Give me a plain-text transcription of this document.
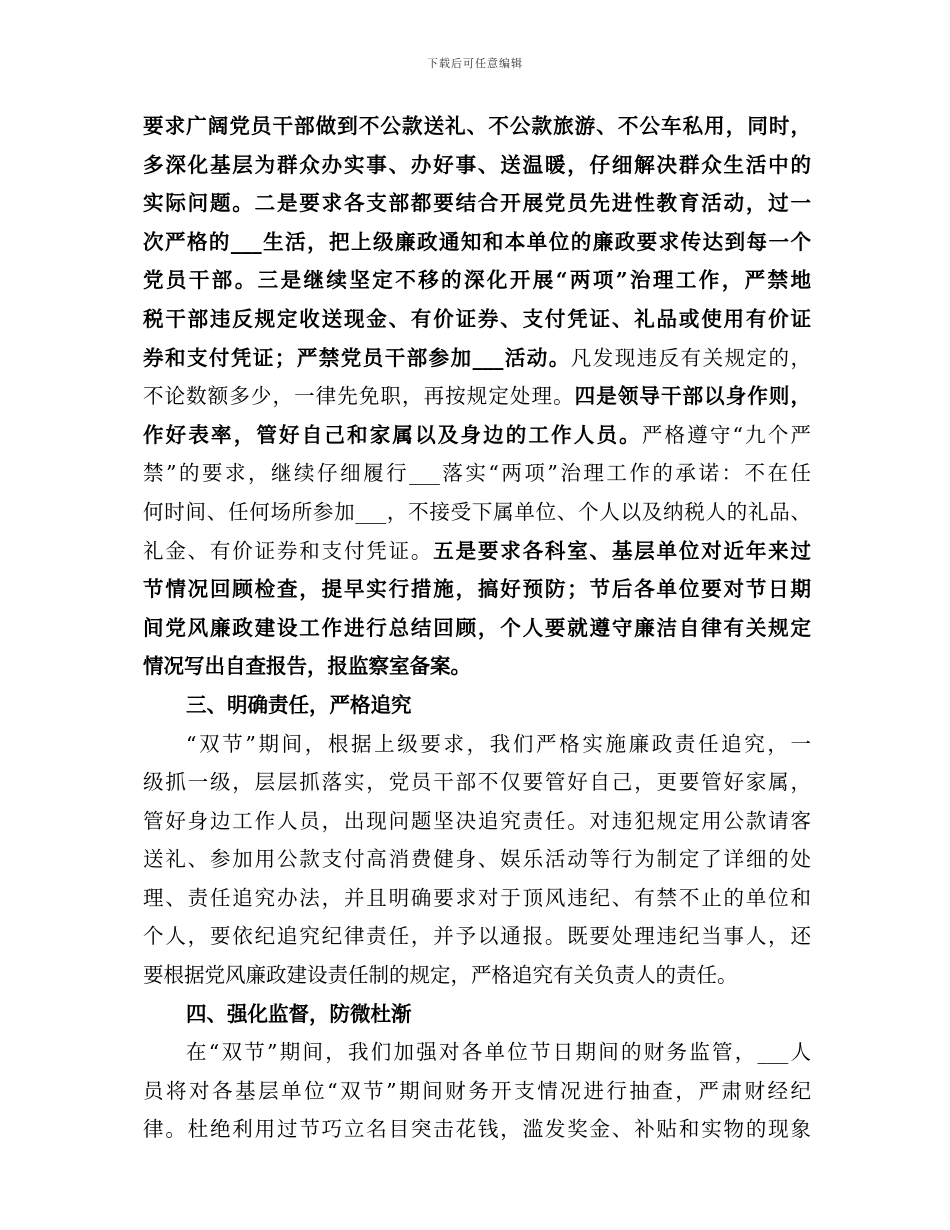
下载后可任意编辑
要求广阔党员干部做到不公款送礼、不公款旅游、不公车私用，同时，
多深化基层为群众办实事、办好事、送温暖，仔细解决群众生活中的
实际问题。二是要求各支部都要结合开展党员先进性教育活动，过一
次严格的___生活，把上级廉政通知和本单位的廉政要求传达到每一个
党员干部。三是继续坚定不移的深化开展“两项”治理工作，严禁地
税干部违反规定收送现金、有价证券、支付凭证、礼品或使用有价证
券和支付凭证；严禁党员干部参加___活动。凡发现违反有关规定的，
不论数额多少，一律先免职，再按规定处理。四是领导干部以身作则，
作好表率，管好自己和家属以及身边的工作人员。严格遵守“九个严
禁”的要求，继续仔细履行___落实“两项”治理工作的承诺：不在任
何时间、任何场所参加___，不接受下属单位、个人以及纳税人的礼品、
礼金、有价证券和支付凭证。五是要求各科室、基层单位对近年来过
节情况回顾检查，提早实行措施，搞好预防；节后各单位要对节日期
间党风廉政建设工作进行总结回顾，个人要就遵守廉洁自律有关规定
情况写出自查报告，报监察室备案。
三、明确责任，严格追究
“双节”期间，根据上级要求，我们严格实施廉政责任追究，一
级抓一级，层层抓落实，党员干部不仅要管好自己，更要管好家属，
管好身边工作人员，出现问题坚决追究责任。对违犯规定用公款请客
送礼、参加用公款支付高消费健身、娱乐活动等行为制定了详细的处
理、责任追究办法，并且明确要求对于顶风违纪、有禁不止的单位和
个人，要依纪追究纪律责任，并予以通报。既要处理违纪当事人，还
要根据党风廉政建设责任制的规定，严格追究有关负责人的责任。
四、强化监督，防微杜渐
在“双节”期间，我们加强对各单位节日期间的财务监管，___人
员将对各基层单位“双节”期间财务开支情况进行抽查，严肃财经纪
律。杜绝利用过节巧立名目突击花钱，滥发奖金、补贴和实物的现象
